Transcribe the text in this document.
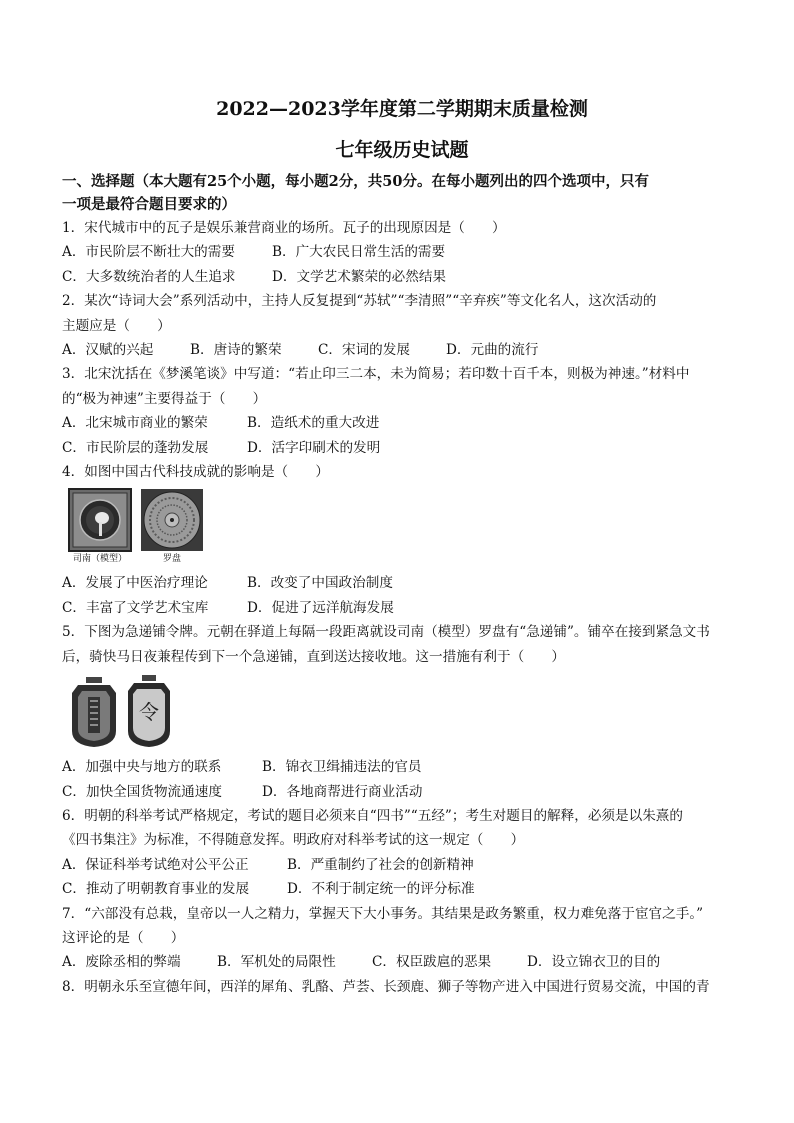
2022—2023学年度第二学期期末质量检测
七年级历史试题
一、选择题（本大题有25个小题，每小题2分，共50分。在每小题列出的四个选项中，只有
一项是最符合题目要求的）
1．宋代城市中的瓦子是娱乐兼营商业的场所。瓦子的出现原因是（　　）
A．市民阶层不断壮大的需要	B．广大农民日常生活的需要
C．大多数统治者的人生追求	D．文学艺术繁荣的必然结果
2．某次“诗词大会”系列活动中，主持人反复提到“苏轼”“李清照”“辛弃疾”等文化名人，这次活动的
主题应是（　　）
A．汉赋的兴起	B．唐诗的繁荣	C．宋词的发展	D．元曲的流行
3．北宋沈括在《梦溪笔谈》中写道：“若止印三二本，未为简易；若印数十百千本，则极为神速。”材料中
的“极为神速”主要得益于（　　）
A．北宋城市商业的繁荣	B．造纸术的重大改进
C．市民阶层的蓬勃发展	D．活字印刷术的发明
4．如图中国古代科技成就的影响是（　　）
司南（模型）	罗盘
A．发展了中医治疗理论	B．改变了中国政治制度
C．丰富了文学艺术宝库	D．促进了远洋航海发展
5．下图为急递铺令牌。元朝在驿道上每隔一段距离就设司南（模型）罗盘有“急递铺”。铺卒在接到紧急文书
后，骑快马日夜兼程传到下一个急递铺，直到送达接收地。这一措施有利于（　　）
令
A．加强中央与地方的联系	B．锦衣卫缉捕违法的官员
C．加快全国货物流通速度	D．各地商帮进行商业活动
6．明朝的科举考试严格规定，考试的题目必须来自“四书”“五经”；考生对题目的解释，必须是以朱熹的
《四书集注》为标准，不得随意发挥。明政府对科举考试的这一规定（　　）
A．保证科举考试绝对公平公正	B．严重制约了社会的创新精神
C．推动了明朝教育事业的发展	D．不利于制定统一的评分标准
7．“六部没有总栽，皇帝以一人之精力，掌握天下大小事务。其结果是政务繁重，权力难免落于宦官之手。”
这评论的是（　　）
A．废除丞相的弊端	B．军机处的局限性	C．权臣跋扈的恶果	D．设立锦衣卫的目的
8．明朝永乐至宣德年间，西洋的犀角、乳酪、芦荟、长颈鹿、狮子等物产进入中国进行贸易交流，中国的青
